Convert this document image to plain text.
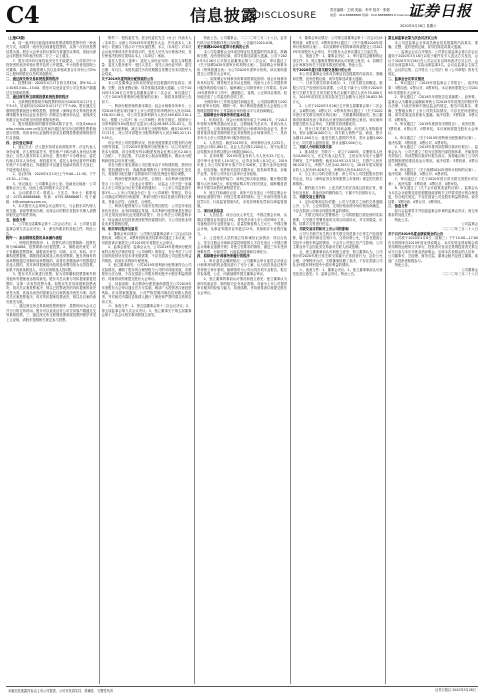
C4	信息披露
DISCLOSURE
责任编辑：王明 美编：李华 校对：张强
电话：010-88888888 传真：010-88888889 E-mail:xinxipilu@163.com
证券日报
2020年3月28日 星期六

（上接C3版）

6、同一表决权只能选择现场投票或网络投票中的一种表决方式，如果同一表决权出现重复投票的，以第一次有效投票结果为准。股东大会审议的议案均为普通决议事项，须经出席会议的股东所持表决权的二分之一以上通过。

7、股东对所有议案均表决完毕才能提交。公司将对中小投资者的表决单独计票并及时公开披露。中小投资者是指除公司董事、监事、高级管理人员以及单独或者合计持有公司5%以上股份的股东以外的其他股东。

二、通过深交所交易系统投票的程序

1、投票时间：2020年4月17日的交易时间，即9:30—11:30和13:00—15:00。股东可以登录证券公司交易客户端通过交易系统投票。

三、通过深交所互联网投票系统投票的程序

1、互联网投票系统开始投票的时间为2020年4月17日上午9:15，结束时间为2020年4月17日下午3:00。股东通过互联网投票系统进行网络投票，需按照《深圳证券交易所投资者网络服务身份认证业务指引》的规定办理身份认证，取得深交所数字证书或深交所投资者服务密码。

2、股东根据获取的服务密码或数字证书，可登录http://wltp.cninfo.com.cn规定时间内通过深交所互联网投票系统进行投票。具体身份认证流程可登录互联网投票系统规则指引栏目查阅。

四、会议登记事项

1、登记方式：法人股东持营业执照复印件、法定代表人身份证明、法人授权委托书、股东账户卡和出席人身份证办理登记；自然人股东持本人身份证、股东账户卡办理登记；委托代理人持本人身份证、授权委托书、委托人身份证复印件和股东账户卡办理登记。异地股东可以通过信函或传真方式登记，不接受电话登记。

2、登记时间：2020年4月15日上午9:00—11:30，下午13:30—17:00。

3、登记地点：公司董事会办公室。信函登记地址：公司董事会办公室，信函上请注明股东大会字样。

4、会议联系方式：联系人：王先生、李女士；联系电话：0755-88886666；传真：0755-88886667；电子邮箱：ir@company.com.cn。

5、本次股东大会现场会议会期半天，与会股东或代理人的交通、食宿等费用自理。出席会议的股东及股东代理人请携带相关证件原件到场。

五、备查文件

1、公司第五届董事会第十二次会议决议；2、公司第五届监事会第九次会议决议；3、深交所要求的其他文件。特此公告。

附件一：参加网络投票的具体操作流程

一、网络投票的程序：1、投票代码与投票简称：投票代码为362688，投票简称为信披投票。2、填报表决意见：对于非累积投票提案，填报表决意见：同意、反对、弃权。对于累积投票提案，填报投给某候选人的选举票数。股东所拥有的选举票数超过其拥有选举票数的，或者在差额选举中投票超过应选人数的，其对该项提案组所投的选举票均视为无效投票。如果不同意某候选人，可以对该候选人投0票。

3、股东对总议案进行投票，视为对除累积投票提案外的其他所有提案表达相同意见。股东对总议案与具体提案重复投票时，以第一次有效投票为准。如股东先对具体提案投票表决，再对总议案投票表决，则以已投票表决的具体提案的表决意见为准，其他未表决的提案以总议案的表决意见为准；如先对总议案投票表决，再对具体提案投票表决，则以总议案的表决意见为准。

二、通过深交所交易系统投票的程序：投票时间为会议召开当日的交易时间。股东可以登录证券公司交易客户端通过交易系统投票。三、通过深交所互联网投票系统投票的程序详见上文说明，请股东按照相关规定参与投票。

附件二：授权委托书。兹全权委托先生（女士）代表本人（本单位）出席公司2019年年度股东大会，并代表本人（本单位）依照以下指示对下列议案投票。本人（本单位）对本次会议表决事项未作具体指示的，受托人可代为行使表决权，其行使表决权的后果均由本人（本单位）承担。

委托人签名（盖章）：委托人身份证号码：委托人持股数量：委托人股东账号：受托人签名：受托人身份证号码：委托日期：年月日。本授权委托书有效期限自签署日至本次股东大会结束。

关于2019年度利润分配预案的公告

本公司及董事会全体成员保证信息披露的内容真实、准确、完整，没有虚假记载、误导性陈述或重大遗漏。公司于2020年3月26日召开第五届董事会第十二次会议，审议通过了《关于2019年度利润分配预案的议案》，现将具体情况公告如下。

一、利润分配预案的基本情况：经会计师事务所审计，公司2019年度实现归属于上市公司股东的净利润为人民币326,458,921.36元，母公司实现净利润为人民币289,652,310.18元。根据《公司法》和《公司章程》的有关规定，按照母公司净利润的10%提取法定盈余公积金28,965,231.02元，加上年初未分配利润，减去本年度已分配的利润，截至2019年12月31日，母公司可供股东分配的利润为人民币865,327,419.55元。

综合考虑公司的盈利状况、经营发展需要及对股东的合理回报等因素，公司2019年度利润分配预案为：以公司现有总股本为基数，向全体股东每10股派发现金红利人民币2.00元（含税），不送红股，不以资本公积金转增股本，剩余未分配利润结转以后年度分配。

若在分配方案实施前公司总股本由于可转债转股、股份回购、股权激励行权、再融资新增股份上市等原因而发生变化的，将按照分配总额不变的原则对分配比例进行相应调整。

二、利润分配预案的合法性、合规性：本次利润分配预案符合《公司法》、《企业会计准则》、证监会《关于进一步落实上市公司现金分红有关事项的通知》、《上市公司监管指引第3号——上市公司现金分红》及《公司章程》等规定，符合公司确定的利润分配政策、利润分配计划以及做出的相关承诺，具备合法性、合规性、合理性。

三、利润分配预案与公司成长性的匹配性：公司近年来经营状况良好，业务持续稳定发展。本次利润分配预案是在保证公司正常经营和长远发展的前提下，综合考虑公司的盈利水平、现金流状况及投资者回报等因素提出的，与公司经营业绩及未来发展相匹配。

四、相关审议程序及意见

1、董事会审议情况：公司第五届董事会第十二次会议以9票同意、0票反对、0票弃权的表决结果审议通过了本议案，并同意将该议案提交公司2019年年度股东大会审议。

2、监事会意见：监事会认为，公司2019年度利润分配预案符合相关法律法规及《公司章程》的规定，充分考虑了公司目前的经营状况及未来发展需要，不存在损害公司及股东利益的情形，同意本次利润分配预案。

3、独立董事意见：公司2019年度利润分配预案符合公司实际情况，兼顾了股东的合理回报与公司的可持续发展，决策程序合法合规，不存在损害公司股东特别是中小股东利益的情形，同意将该预案提交股东大会审议。

五、其他说明：本次利润分配预案尚需提交公司2019年年度股东大会审议通过后方可实施，敬请广大投资者注意投资风险。在本预案披露前，公司严格控制内幕信息知情人的范围，并对相关内幕信息知情人履行了保密和严禁内幕交易的告知义务。

六、备查文件：1、第五届董事会第十二次会议决议；2、第五届监事会第九次会议决议；3、独立董事关于第五届董事会第十二次会议相关事项的独立意见。

特此公告。公司董事会，二〇二〇年三月二十八日。证券代码与证券简称详见公告标题，公告编号2020-018。

关于续聘2020年度审计机构的公告

本公司及董事会全体成员保证信息披露的内容真实、准确和完整，没有虚假记载、误导性陈述或重大遗漏。公司于2020年3月26日召开第五届董事会第十二次会议，审议通过了《关于续聘2020年度审计机构的议案》，拟续聘会计师事务所（特殊普通合伙）为公司2020年度审计机构，该议案尚需提交公司股东大会审议。

一、拟续聘会计师事务所事项的情况说明：该会计师事务所具有证券、期货相关业务从业资格，具备为上市公司提供审计服务的经验与能力，能够满足公司财务审计工作要求。在2019年度的审计工作中，遵循独立、客观、公正的执业准则，较好地完成了公司委托的各项工作。

为保持审计工作的连续性和稳定性，公司拟续聘其为2020年度审计机构，聘期一年，审计费用提请股东大会授权公司管理层根据审计工作量和市场价格水平与其协商确定。

二、拟续聘会计师事务所的基本信息

1、机构信息：该会计师事务所成立于1981年，于2013年转制为特殊普通合伙企业，注册地址为北京市，首席合伙人为张先生。已取得财政部颁发的会计师事务所执业证书，是中国首批获得证券期货相关业务资格的会计师事务所之一，具有多年为上市公司提供审计服务的经验。

2、人员信息：截至2019年末，该所拥有合伙人232名，注册会计师1,862名，从业人员总数5,200余人，其中从事过证券服务业务的注册会计师超过800人。

3、业务规模：2019年度业务收入为人民币25.7亿元，其中审计业务收入19.3亿元，证券业务收入8.2亿元。2019年度上市公司年报审计客户共计326家，主要行业涉及制造业、信息传输、软件和信息技术服务业、批发和零售业、房地产业等，具有公司所在行业审计业务经验。

4、投资者保护能力：该所已购买职业保险，累计赔偿限额为人民币8亿元，职业保险购买符合相关规定，能够覆盖因审计失败导致的民事赔偿责任。

5、独立性和诚信记录：该所不存在违反《中国注册会计师职业道德守则》对独立性要求的情形。近三年该所受到行政处罚1次、行政监管措施3次，未受到刑事处罚和自律监管措施。

三、项目成员信息

1、人员信息：项目合伙人李先生，中国注册会计师，从事证券服务业务超过15年，曾负责多家上市公司的审计工作，具备相应的专业胜任能力。质量控制复核人王女士，中国注册会计师，从事证券服务业务超过12年，具备相应专业胜任能力。

2、上述相关人员的独立性和诚信记录情况：项目合伙人、签字注册会计师和质量控制复核人不存在违反《中国注册会计师职业道德守则》对独立性要求的情形，最近三年未受到刑事处罚、行政处罚、行政监管措施和自律处分。

四、拟续聘会计师事务所履行的程序

1、审计委员会履职情况：公司董事会审计委员会对该会计师事务所的执业情况进行了充分了解，认为其在执业过程中坚持独立审计原则，能够按时为公司出具各项专业报告，报告内容客观、公正，同意续聘并提交董事会审议。

2、独立董事的事前认可情况和独立意见：独立董事认为该所具备证券、期货相关业务执业资格，具备为上市公司提供审计服务的经验与能力，同意续聘，并同意将该议案提交股东大会审议。

3、董事会审议情况：公司第五届董事会第十二次会议以9票同意、0票反对、0票弃权审议通过了《关于续聘2020年度审计机构的议案》。本次续聘审计机构事项尚需提交公司2019年年度股东大会审议，并自股东大会审议通过之日起生效。

五、报备文件：1、董事会决议；2、审计委员会履职的证明文件；3、独立董事签署的事前认可和独立意见；4、拟聘任会计师事务所关于其基本情况的说明。特此公告。

关于2020年度日常关联交易预计的公告

本公司及董事会全体成员保证信息披露的内容真实、准确和完整，没有虚假记载、误导性陈述或重大遗漏。

一、日常关联交易基本情况：1、日常关联交易概述。根据公司生产经营的实际需要，公司及下属子公司预计2020年度与关联方发生日常关联交易总金额不超过人民币35,000万元，2019年度同类交易实际发生总金额为人民币28,652.36万元。

2、公司于2020年3月26日召开第五届董事会第十二次会议，以6票同意、0票反对、0票弃权审议通过了《关于2020年度日常关联交易预计的议案》，关联董事回避表决。独立董事对该事项发表了事前认可意见和同意的独立意见。该议案尚需提交股东大会审议，关联股东将回避表决。

3、预计日常关联交易类别和金额：向关联人采购原材料，预计金额18,000万元；向关联人销售产品、商品，预计金额12,000万元；接受关联人提供的劳务，预计金额3,000万元；向关联人租赁房屋，预计金额2,000万元。

二、关联人介绍和关联关系

1、基本情况：关联方一，成立于2005年，注册资本人民币10,000万元，法定代表人赵先生，主营业务为电子元器件的研发、生产和销售。截至2019年12月31日，总资产人民币86,520万元，净资产人民币42,365万元，2019年度实现营业收入人民币95,628万元，净利润人民币6,852万元。

2、与上市公司的关联关系：该公司为公司控股股东控制的企业，符合《深圳证券交易所股票上市规则》规定的关联关系情形。

3、履约能力分析：上述关联方依法存续且经营正常，财务状况良好，具备良好的履约能力，不属于失信被执行人。

三、关联交易主要内容

1、定价政策和定价依据：公司与关联方之间的交易遵循公开、公平、公正的原则，交易价格参照市场价格协商确定，不存在损害公司和全体股东利益的情形。

2、关联交易协议签署情况：公司将根据日常经营的实际需要，与关联方签署具体的交易合同或协议，对交易数量、价格、结算方式等进行约定。

四、关联交易目的和对上市公司的影响

公司与关联方发生的日常关联交易是基于正常生产经营需要，属于正常的商业交易行为，交易价格公允，不存在损害公司及中小股东利益的情形，不会对公司独立性产生影响，公司主要业务不会因此类交易而对关联人形成依赖。

五、独立董事事前认可和独立意见：独立董事认为，公司预计的2020年度日常关联交易属于正常经营行为，定价公允合理，决策程序合法，关联董事回避了表决，不存在损害公司及全体股东特别是中小股东利益的情形。

六、备查文件：1、董事会决议；2、独立董事事前认可意见及独立意见；3、监事会决议。特此公告。

第五届监事会第九次会议决议公告

本公司及监事会全体成员保证信息披露的内容真实、准确、完整，没有虚假记载、误导性陈述或重大遗漏。

一、监事会会议召开情况：公司第五届监事会第九次会议通知于2020年3月16日以电子邮件及专人送达方式发出，会议于2020年3月26日在公司会议室以现场表决方式召开。会议应出席监事3名，实际出席监事3名。会议由监事会主席主持，会议的召集、召开符合《公司法》和《公司章程》的有关规定。

二、监事会会议审议情况

1、审议通过了《2019年度监事会工作报告》。表决结果：3票同意、0票反对、0票弃权。本议案尚需提交公司2019年年度股东大会审议。

2、审议通过了《2019年年度报告及其摘要》。经审核，监事会认为董事会编制和审核公司2019年年度报告的程序符合法律、行政法规和中国证监会的规定，报告内容真实、准确、完整地反映了上市公司的实际情况，不存在任何虚假记载、误导性陈述或者重大遗漏。表决结果：3票同意、0票反对、0票弃权。

3、审议通过了《2019年度财务决算报告》。表决结果：3票同意、0票反对、0票弃权。本议案尚需提交股东大会审议。

4、审议通过了《关于2019年度利润分配预案的议案》。表决结果：3票同意、0票反对、0票弃权。

5、审议通过了《2019年度内部控制自我评价报告》。监事会认为，公司已建立了较为完善的内部控制体系，并能得到有效执行，内部控制自我评价报告真实、客观地反映了公司内部控制制度的建设及运行情况。表决结果：3票同意、0票反对、0票弃权。

6、审议通过了《关于续聘2020年度审计机构的议案》。表决结果：3票同意、0票反对、0票弃权。

7、审议通过了《关于2020年度日常关联交易预计的议案》。表决结果：3票同意、0票反对、0票弃权。

8、审议通过了《关于会计政策变更的议案》。监事会认为本次会计政策变更是根据财政部相关文件要求进行的合理变更，符合相关规定，不存在损害公司及股东利益的情形。表决结果：3票同意、0票反对、0票弃权。

三、备查文件

经与会监事签字并加盖监事会印章的监事会决议；深交所要求的其他文件。

特此公告。

公司监事会

二〇二〇年三月二十八日

关于召开2019年度业绩说明会的公告

公司将于2020年4月8日（星期三）下午15:00—17:00在全景网举办2019年度业绩说明会，本次年度业绩说明会将采用网络远程的方式举行，投资者可登录全景网投资者关系互动平台参与本次年度业绩说明会。出席本次说明会的人员有：公司董事长、总经理、财务总监、董事会秘书及独立董事。欢迎广大投资者积极参与。

特此公告。

公司董事会

二〇二〇年三月二十八日

本版信息披露内容由上市公司提供，公司对其真实性、准确性、完整性负责	证券日报社 2020年3月28日
